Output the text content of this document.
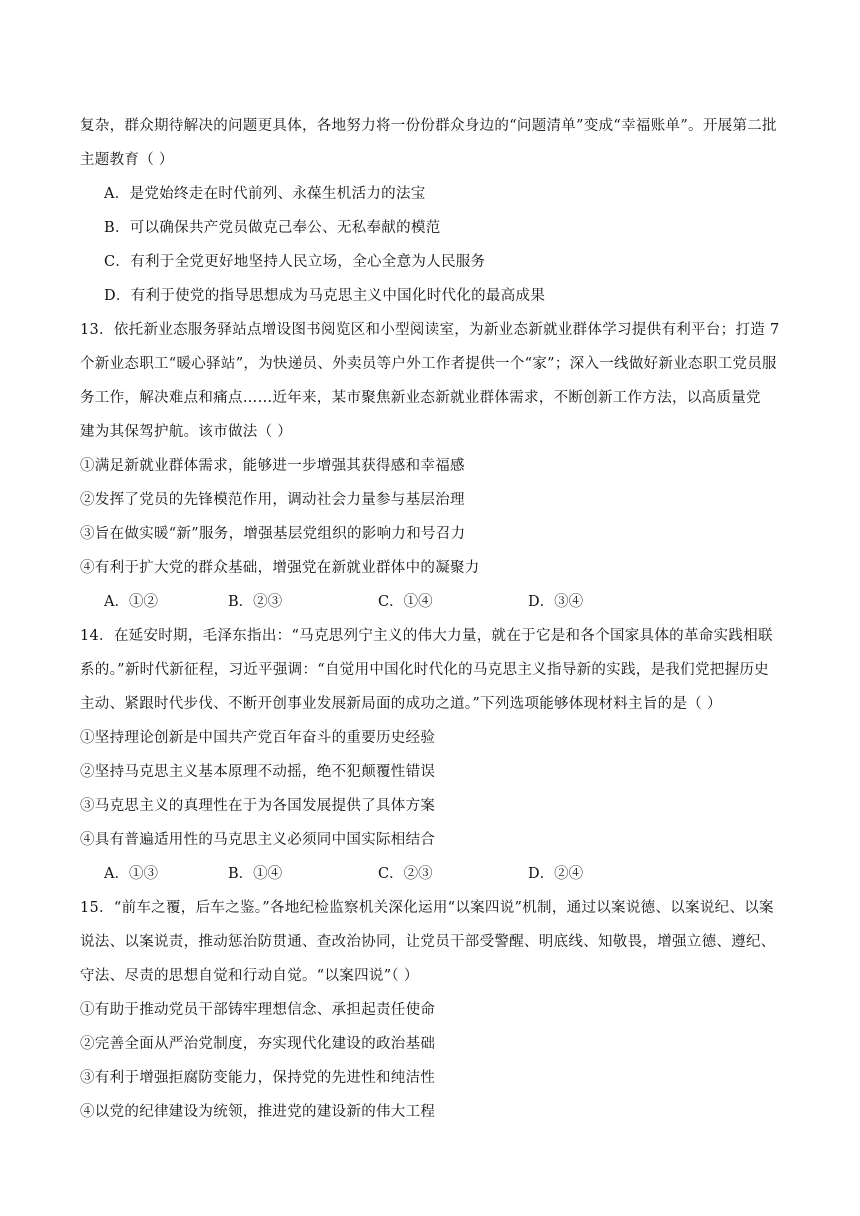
复杂，群众期待解决的问题更具体，各地努力将一份份群众身边的“问题清单”变成“幸福账单”。开展第二批
主题教育（ ）
A．是党始终走在时代前列、永葆生机活力的法宝
B．可以确保共产党员做克己奉公、无私奉献的模范
C．有利于全党更好地坚持人民立场，全心全意为人民服务
D．有利于使党的指导思想成为马克思主义中国化时代化的最高成果
13．依托新业态服务驿站点增设图书阅览区和小型阅读室，为新业态新就业群体学习提供有利平台；打造 7
个新业态职工“暖心驿站”，为快递员、外卖员等户外工作者提供一个“家”；深入一线做好新业态职工党员服
务工作，解决难点和痛点……近年来，某市聚焦新业态新就业群体需求，不断创新工作方法，以高质量党
建为其保驾护航。该市做法（ ）
①满足新就业群体需求，能够进一步增强其获得感和幸福感
②发挥了党员的先锋模范作用，调动社会力量参与基层治理
③旨在做实暖“新”服务，增强基层党组织的影响力和号召力
④有利于扩大党的群众基础，增强党在新就业群体中的凝聚力
A．①②	B．②③	C．①④	D．③④
14．在延安时期，毛泽东指出：“马克思列宁主义的伟大力量，就在于它是和各个国家具体的革命实践相联
系的。”新时代新征程，习近平强调：“自觉用中国化时代化的马克思主义指导新的实践，是我们党把握历史
主动、紧跟时代步伐、不断开创事业发展新局面的成功之道。”下列选项能够体现材料主旨的是（ ）
①坚持理论创新是中国共产党百年奋斗的重要历史经验
②坚持马克思主义基本原理不动摇，绝不犯颠覆性错误
③马克思主义的真理性在于为各国发展提供了具体方案
④具有普遍适用性的马克思主义必须同中国实际相结合
A．①③	B．①④	C．②③	D．②④
15．“前车之覆，后车之鉴。”各地纪检监察机关深化运用“以案四说”机制，通过以案说德、以案说纪、以案
说法、以案说责，推动惩治防贯通、查改治协同，让党员干部受警醒、明底线、知敬畏，增强立德、遵纪、
守法、尽责的思想自觉和行动自觉。“以案四说”（ ）
①有助于推动党员干部铸牢理想信念、承担起责任使命
②完善全面从严治党制度，夯实现代化建设的政治基础
③有利于增强拒腐防变能力，保持党的先进性和纯洁性
④以党的纪律建设为统领，推进党的建设新的伟大工程
